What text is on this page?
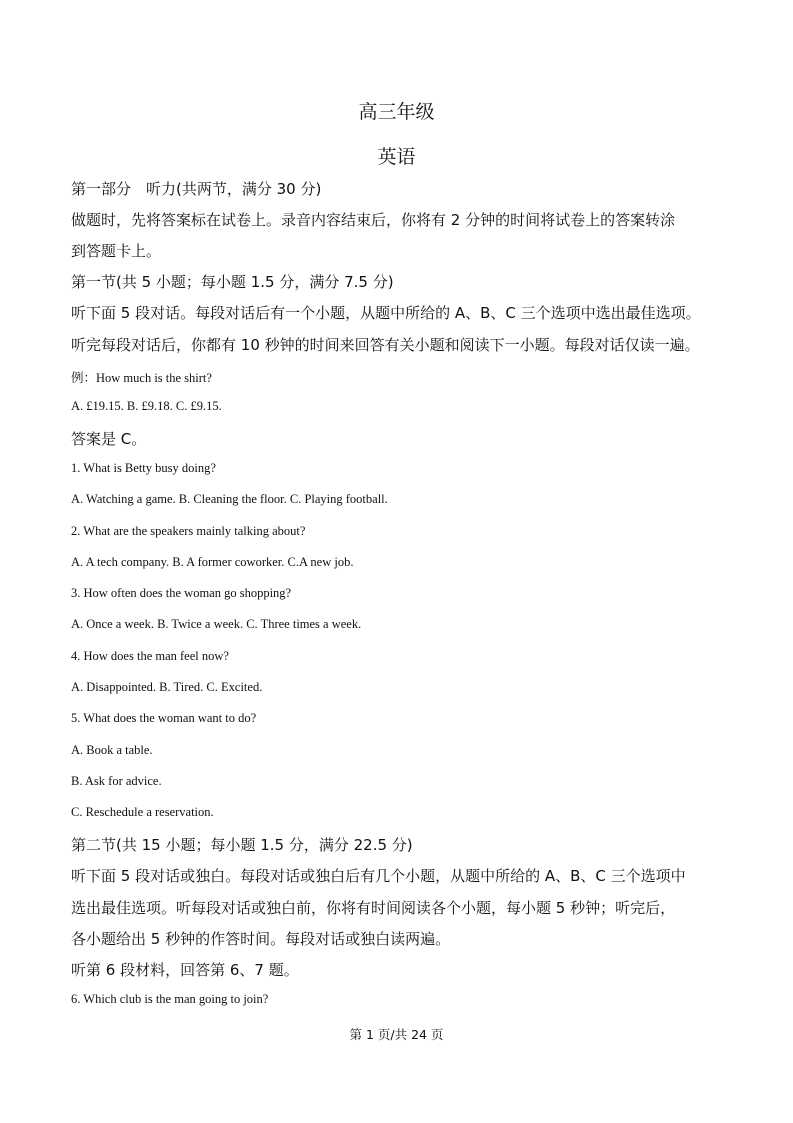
高三年级
英语
第一部分　听力(共两节，满分 30 分)
做题时，先将答案标在试卷上。录音内容结束后，你将有 2 分钟的时间将试卷上的答案转涂
到答题卡上。
第一节(共 5 小题；每小题 1.5 分，满分 7.5 分)
听下面 5 段对话。每段对话后有一个小题，从题中所给的 A、B、C 三个选项中选出最佳选项。
听完每段对话后，你都有 10 秒钟的时间来回答有关小题和阅读下一小题。每段对话仅读一遍。
例：How much is the shirt?
A. £19.15. B. £9.18. C. £9.15.
答案是 C。
1. What is Betty busy doing?
A. Watching a game. B. Cleaning the floor. C. Playing football.
2. What are the speakers mainly talking about?
A. A tech company. B. A former coworker. C.A new job.
3. How often does the woman go shopping?
A. Once a week. B. Twice a week. C. Three times a week.
4. How does the man feel now?
A. Disappointed. B. Tired. C. Excited.
5. What does the woman want to do?
A. Book a table.
B. Ask for advice.
C. Reschedule a reservation.
第二节(共 15 小题；每小题 1.5 分，满分 22.5 分)
听下面 5 段对话或独白。每段对话或独白后有几个小题，从题中所给的 A、B、C 三个选项中
选出最佳选项。听每段对话或独白前，你将有时间阅读各个小题，每小题 5 秒钟；听完后，
各小题给出 5 秒钟的作答时间。每段对话或独白读两遍。
听第 6 段材料，回答第 6、7 题。
6. Which club is the man going to join?
第 1 页/共 24 页
